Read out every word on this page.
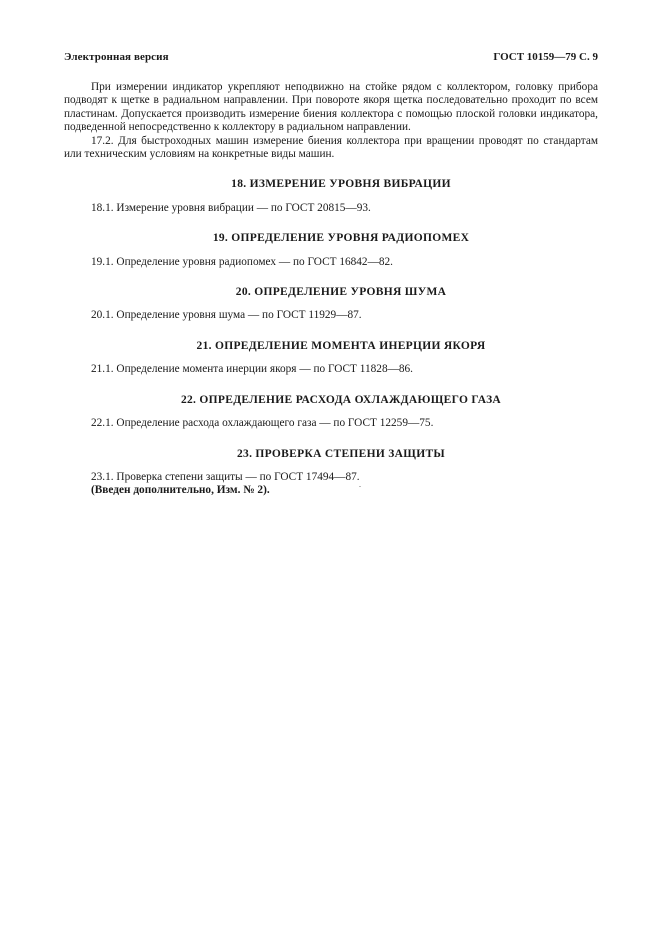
Электронная версия	ГОСТ 10159—79 С. 9

При измерении индикатор укрепляют неподвижно на стойке рядом с коллектором, головку прибора подводят к щетке в радиальном направлении. При повороте якоря щетка последовательно проходит по всем пластинам. Допускается производить измерение биения коллектора с помощью плоской головки индикатора, подведенной непосредственно к коллектору в радиальном направлении.

17.2. Для быстроходных машин измерение биения коллектора при вращении проводят по стандартам или техническим условиям на конкретные виды машин.

18. ИЗМЕРЕНИЕ УРОВНЯ ВИБРАЦИИ

18.1. Измерение уровня вибрации — по ГОСТ 20815—93.

19. ОПРЕДЕЛЕНИЕ УРОВНЯ РАДИОПОМЕХ

19.1. Определение уровня радиопомех — по ГОСТ 16842—82.

20. ОПРЕДЕЛЕНИЕ УРОВНЯ ШУМА

20.1. Определение уровня шума — по ГОСТ 11929—87.

21. ОПРЕДЕЛЕНИЕ МОМЕНТА ИНЕРЦИИ ЯКОРЯ

21.1. Определение момента инерции якоря — по ГОСТ 11828—86.

22. ОПРЕДЕЛЕНИЕ РАСХОДА ОХЛАЖДАЮЩЕГО ГАЗА

22.1. Определение расхода охлаждающего газа — по ГОСТ 12259—75.

23. ПРОВЕРКА СТЕПЕНИ ЗАЩИТЫ

23.1. Проверка степени защиты — по ГОСТ 17494—87.

(Введен дополнительно, Изм. № 2).
